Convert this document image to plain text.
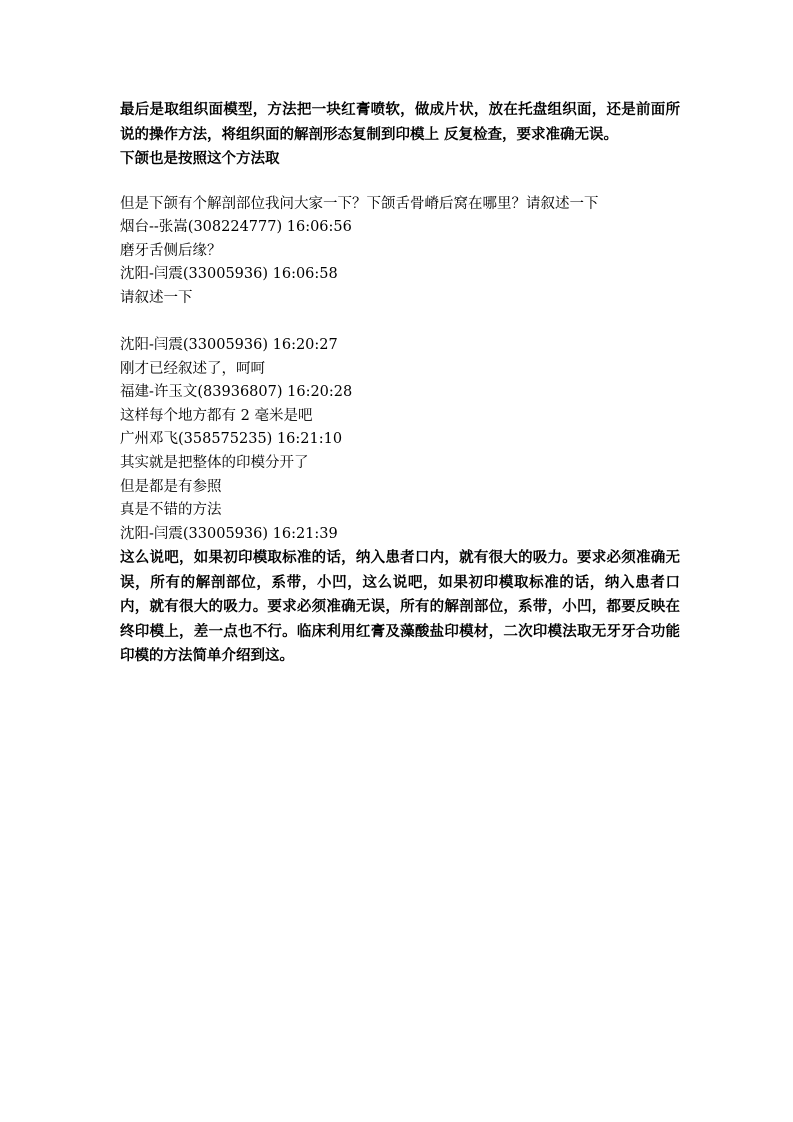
最后是取组织面模型，方法把一块红膏喷软，做成片状，放在托盘组织面，还是前面所说的操作方法，将组织面的解剖形态复制到印模上 反复检查，要求准确无误。

下颌也是按照这个方法取

但是下颌有个解剖部位我问大家一下？下颌舌骨嵴后窝在哪里？请叙述一下

烟台--张嵩(308224777) 16:06:56

磨牙舌侧后缘？

沈阳-闫震(33005936) 16:06:58

请叙述一下

沈阳-闫震(33005936) 16:20:27

刚才已经叙述了，呵呵

福建-许玉文(83936807) 16:20:28

这样每个地方都有 2 毫米是吧

广州邓飞(358575235) 16:21:10

其实就是把整体的印模分开了

但是都是有参照

真是不错的方法

沈阳-闫震(33005936) 16:21:39

这么说吧，如果初印模取标准的话，纳入患者口内，就有很大的吸力。要求必须准确无误，所有的解剖部位，系带，小凹，这么说吧，如果初印模取标准的话，纳入患者口内，就有很大的吸力。要求必须准确无误，所有的解剖部位，系带，小凹，都要反映在终印模上，差一点也不行。临床利用红膏及藻酸盐印模材，二次印模法取无牙牙合功能印模的方法简单介绍到这。
